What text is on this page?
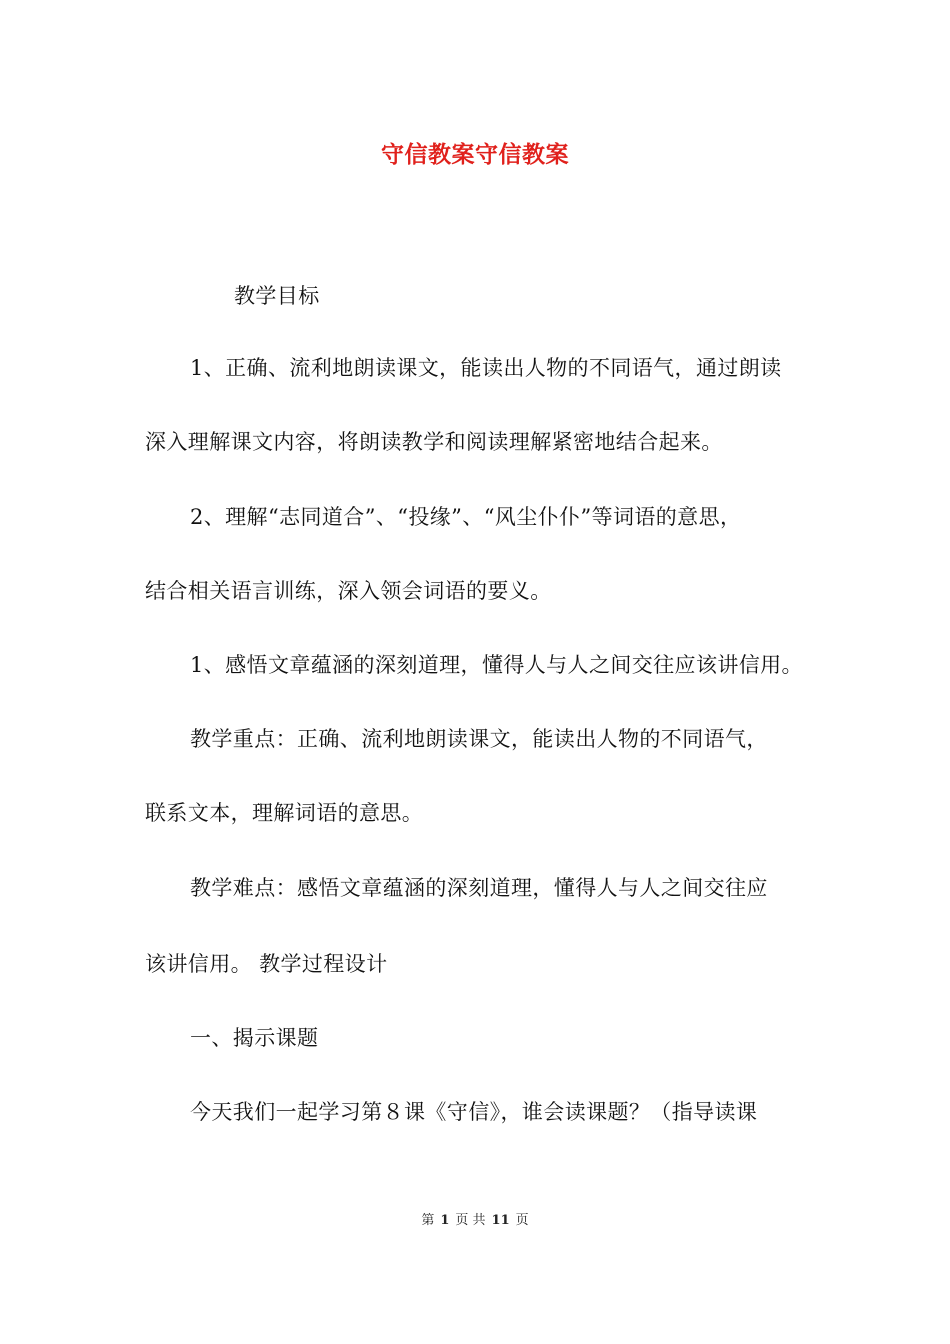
守信教案守信教案
教学目标
1、正确、流利地朗读课文，能读出人物的不同语气，通过朗读
深入理解课文内容，将朗读教学和阅读理解紧密地结合起来。
2、理解“志同道合”、“投缘”、“风尘仆仆”等词语的意思，
结合相关语言训练，深入领会词语的要义。
1、感悟文章蕴涵的深刻道理，懂得人与人之间交往应该讲信用。
教学重点：正确、流利地朗读课文，能读出人物的不同语气，
联系文本，理解词语的意思。
教学难点：感悟文章蕴涵的深刻道理，懂得人与人之间交往应
该讲信用。 教学过程设计
一、揭示课题
今天我们一起学习第８课《守信》，谁会读课题？（指导读课
第 1 页 共 11 页
